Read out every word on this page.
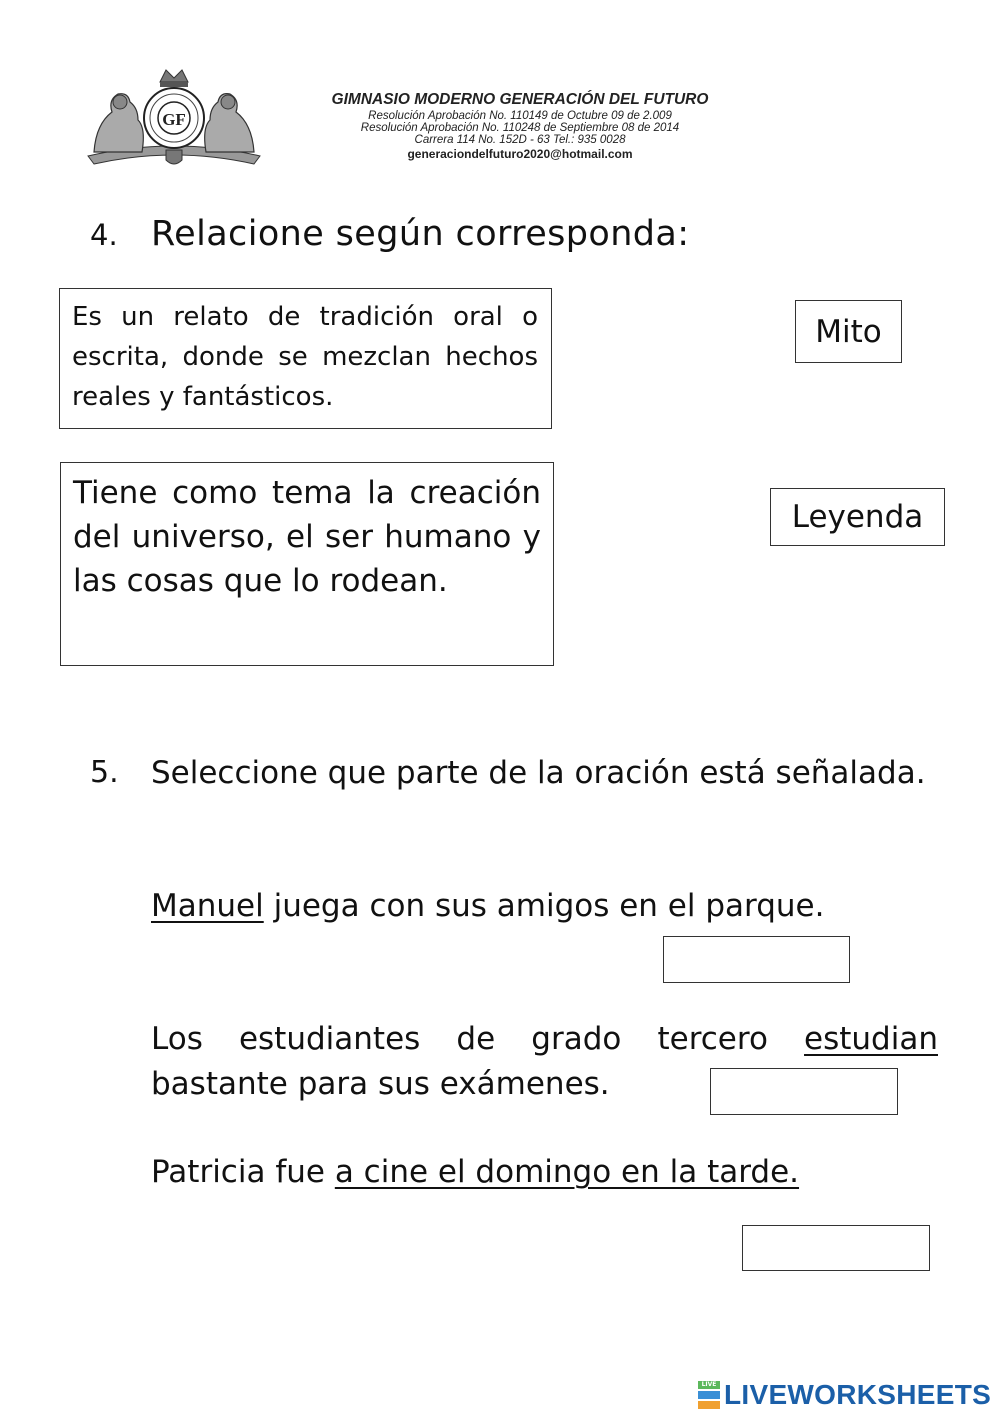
GF
GIMNASIO MODERNO GENERACIÓN DEL FUTURO
Resolución Aprobación No. 110149 de Octubre 09 de 2.009
Resolución Aprobación No. 110248 de Septiembre 08 de 2014
Carrera 114 No. 152D - 63 Tel.: 935 0028
generaciondelfuturo2020@hotmail.com
4. Relacione según corresponda:
Es un relato de tradición oral o escrita, donde se mezclan hechos reales y fantásticos.
Tiene como tema la creación del universo, el ser humano y las cosas que lo rodean.
Mito
Leyenda
5. Seleccione que parte de la oración está señalada.
Manuel juega con sus amigos en el parque.
Los estudiantes de grado tercero estudian bastante para sus exámenes.
Patricia fue a cine el domingo en la tarde.
LIVE LIVEWORKSHEETS
